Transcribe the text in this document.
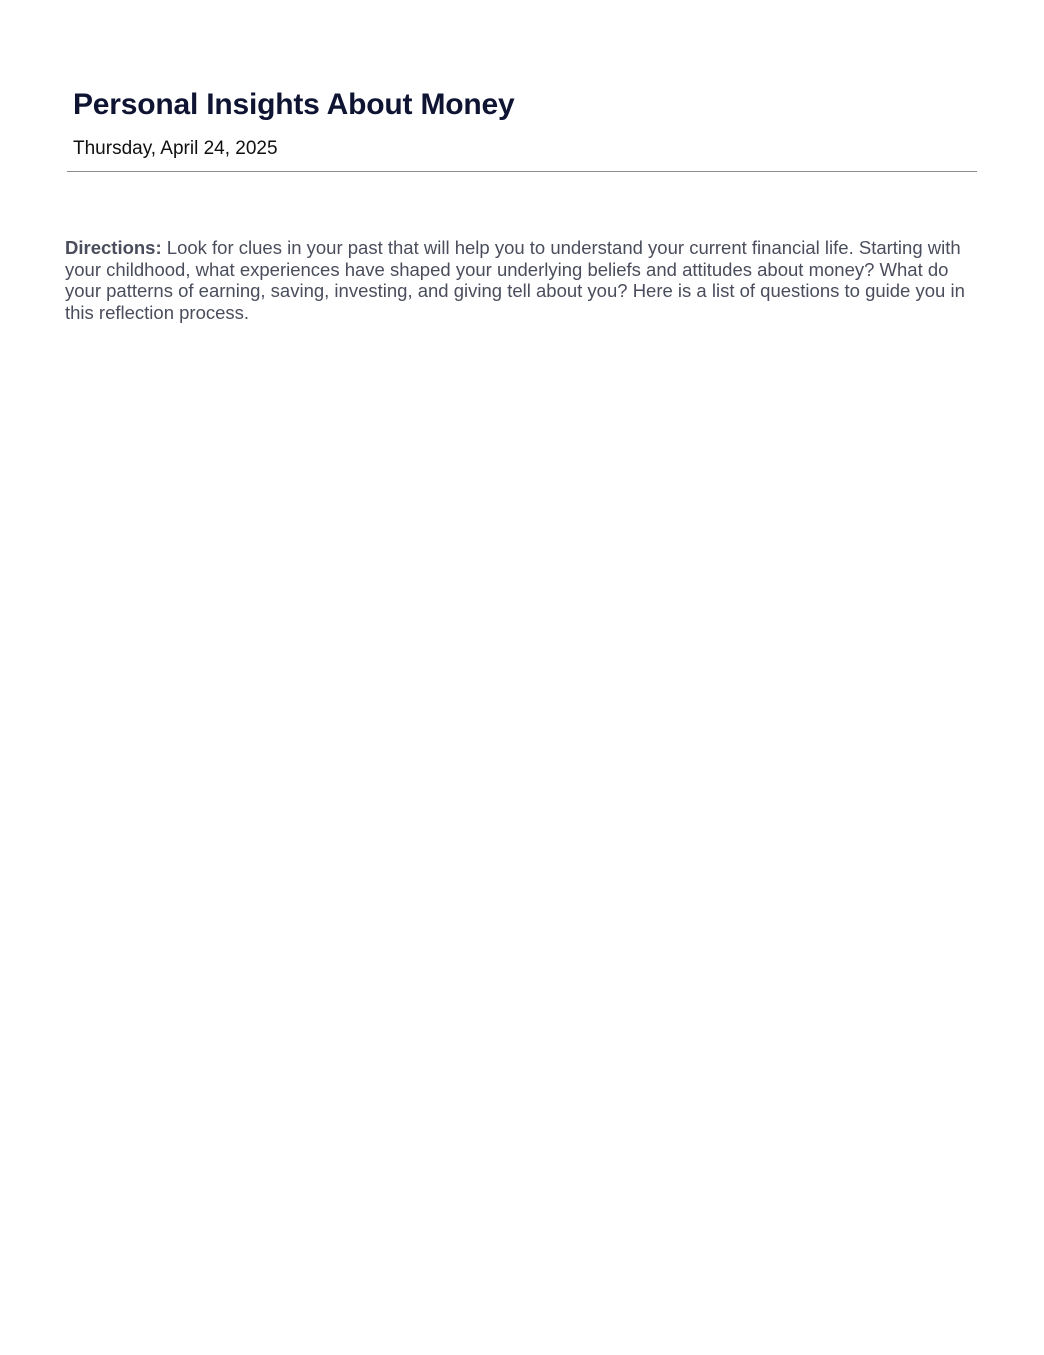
Personal Insights About Money
Thursday, April 24, 2025

Directions: Look for clues in your past that will help you to understand your current financial life. Starting with your childhood, what experiences have shaped your underlying beliefs and attitudes about money? What do your patterns of earning, saving, investing, and giving tell about you? Here is a list of questions to guide you in this reflection process.
